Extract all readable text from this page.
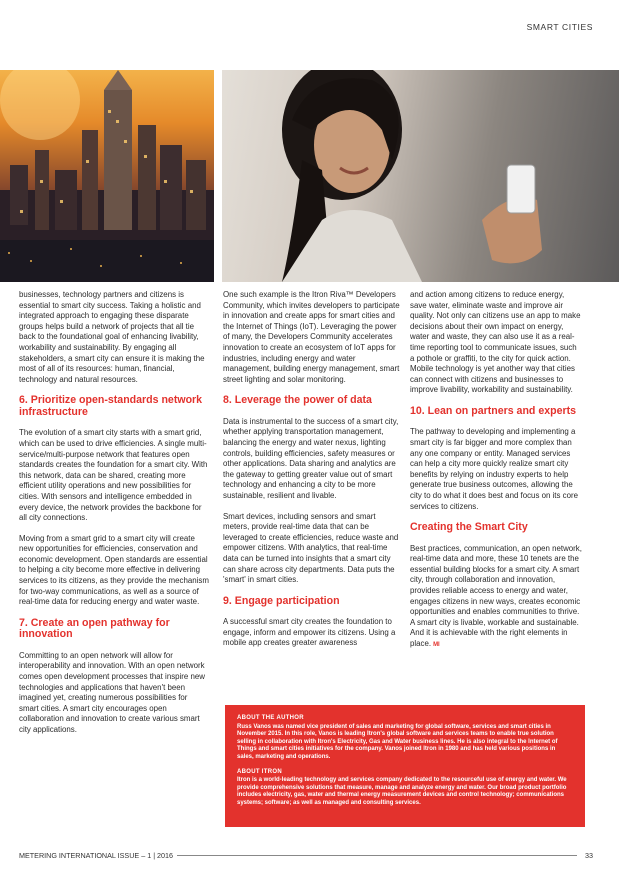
SMART CITIES

businesses, technology partners and citizens is essential to smart city success. Taking a holistic and integrated approach to engaging these disparate groups helps build a network of projects that all tie back to the foundational goal of enhancing livability, workability and sustainability. By engaging all stakeholders, a smart city can ensure it is making the most of all of its resources: human, financial, technology and natural resources.

6. Prioritize open-standards network infrastructure

The evolution of a smart city starts with a smart grid, which can be used to drive efficiencies. A single multi-service/multi-purpose network that features open standards creates the foundation for a smart city. With this network, data can be shared, creating more efficient utility operations and new possibilities for cities. With sensors and intelligence embedded in every device, the network provides the backbone for all city connections.

Moving from a smart grid to a smart city will create new opportunities for efficiencies, conservation and economic development. Open standards are essential to helping a city become more effective in delivering services to its citizens, as they provide the mechanism for two-way communications, as well as a source of real-time data for reducing energy and water waste.

7. Create an open pathway for innovation

Committing to an open network will allow for interoperability and innovation. With an open network comes open development processes that inspire new technologies and applications that haven't been imagined yet, creating numerous possibilities for smart cities. A smart city encourages open collaboration and innovation to create various smart city applications.

One such example is the Itron Riva™ Developers Community, which invites developers to participate in innovation and create apps for smart cities and the Internet of Things (IoT). Leveraging the power of many, the Developers Community accelerates innovation to create an ecosystem of IoT apps for industries, including energy and water management, building energy management, smart street lighting and solar monitoring.

8. Leverage the power of data

Data is instrumental to the success of a smart city, whether applying transportation management, balancing the energy and water nexus, lighting controls, building efficiencies, safety measures or other applications. Data sharing and analytics are the gateway to getting greater value out of smart technology and enhancing a city to be more sustainable, resilient and livable.

Smart devices, including sensors and smart meters, provide real-time data that can be leveraged to create efficiencies, reduce waste and empower citizens. With analytics, that real-time data can be turned into insights that a smart city can share across city departments. Data puts the 'smart' in smart cities.

9. Engage participation

A successful smart city creates the foundation to engage, inform and empower its citizens. Using a mobile app creates greater awareness

and action among citizens to reduce energy, save water, eliminate waste and improve air quality. Not only can citizens use an app to make decisions about their own impact on energy, water and waste, they can also use it as a real-time reporting tool to communicate issues, such a pothole or graffiti, to the city for quick action. Mobile technology is yet another way that cities can connect with citizens and businesses to improve livability, workability and sustainability.

10. Lean on partners and experts

The pathway to developing and implementing a smart city is far bigger and more complex than any one company or entity. Managed services can help a city more quickly realize smart city benefits by relying on industry experts to help generate true business outcomes, allowing the city to do what it does best and focus on its core services to citizens.

Creating the Smart City

Best practices, communication, an open network, real-time data and more, these 10 tenets are the essential building blocks for a smart city. A smart city, through collaboration and innovation, provides reliable access to energy and water, engages citizens in new ways, creates economic opportunities and enables communities to thrive. A smart city is livable, workable and sustainable. And it is achievable with the right elements in place. MI

ABOUT THE AUTHOR
Russ Vanos was named vice president of sales and marketing for global software, services and smart cities in November 2015. In this role, Vanos is leading Itron's global software and services teams to enable true solution selling in collaboration with Itron's Electricity, Gas and Water business lines. He is also integral to the Internet of Things and smart cities initiatives for the company. Vanos joined Itron in 1980 and has held various positions in sales, marketing and operations.
ABOUT ITRON
Itron is a world-leading technology and services company dedicated to the resourceful use of energy and water. We provide comprehensive solutions that measure, manage and analyze energy and water. Our broad product portfolio includes electricity, gas, water and thermal energy measurement devices and control technology; communications systems; software; as well as managed and consulting services.
METERING INTERNATIONAL ISSUE – 1 | 2016	33
